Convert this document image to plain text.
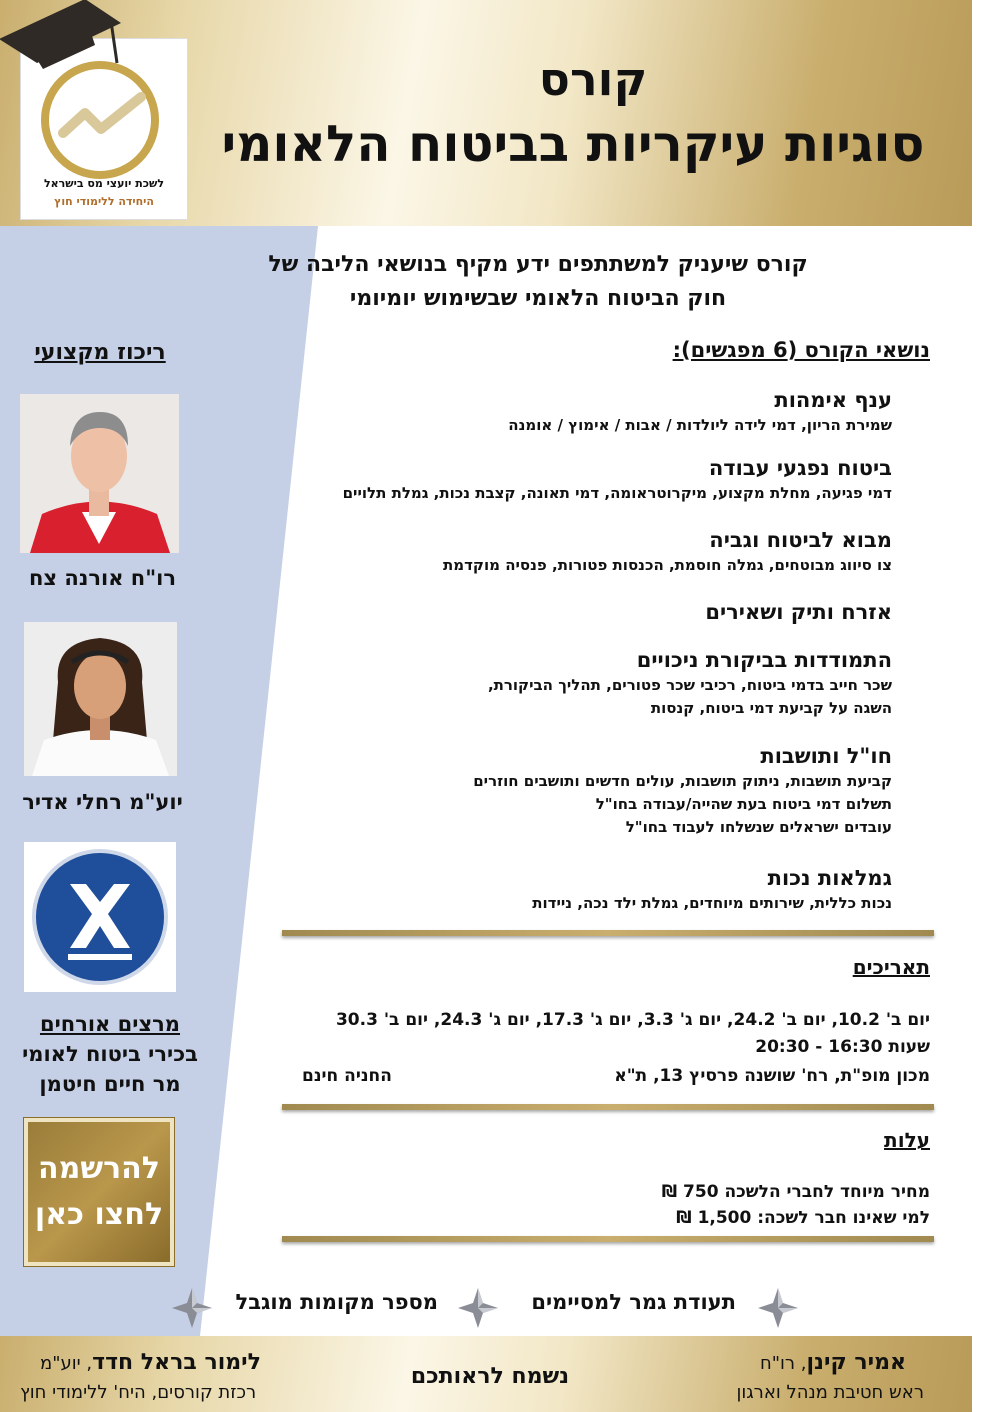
קורס
סוגיות עיקריות בביטוח הלאומי
לשכת יועצי מס בישראל
היחידה ללימודי חוץ
קורס שיעניק למשתתפים ידע מקיף בנושאי הליבה של
חוק הביטוח הלאומי שבשימוש יומיומי
נושאי הקורס (6 מפגשים):
ענף אימהות
שמירת הריון, דמי לידה ליולדות / אבות / אימוץ / אומנה
ביטוח נפגעי עבודה
דמי פגיעה, מחלת מקצוע, מיקרוטראומה, דמי תאונה, קצבת נכות, גמלת תלויים
מבוא לביטוח וגביה
צו סיווג מבוטחים, גמלה חוסמת, הכנסות פטורות, פנסיה מוקדמת
אזרח ותיק ושאירים
התמודדות בביקורת ניכויים
שכר חייב בדמי ביטוח, רכיבי שכר פטורים, תהליך הביקורת,
השגה על קביעת דמי ביטוח, קנסות
חו"ל ותושבות
קביעת תושבות, ניתוק תושבות, עולים חדשים ותושבים חוזרים
תשלום דמי ביטוח בעת שהייה/עבודה בחו"ל
עובדים ישראלים שנשלחו לעבוד בחו"ל
גמלאות נכות
נכות כללית, שירותים מיוחדים, גמלת ילד נכה, ניידות
תאריכים
יום ב' 10.2, יום ב' 24.2, יום ג' 3.3, יום ג' 17.3, יום ג' 24.3, יום ב' 30.3
שעות 16:30 - 20:30
מכון מופ"ת, רח' שושנה פרסיץ 13, ת"א
החניה חינם
עלות
מחיר מיוחד לחברי הלשכה 750 ₪
למי שאינו חבר לשכה: 1,500 ₪
ריכוז מקצועי
רו"ח אורנה צח
יוע"מ רחלי אדיר
מרצים אורחים
בכירי ביטוח לאומי
מר חיים חיטמן
להרשמה
לחצו כאן
תעודת גמר למסיימים
מספר מקומות מוגבל
אמיר קינן, רו"ח
ראש חטיבת מנהל וארגון
נשמח לראותכם
לימור בראל חדד, יוע"מ
רכזת קורסים, היח' ללימודי חוץ
